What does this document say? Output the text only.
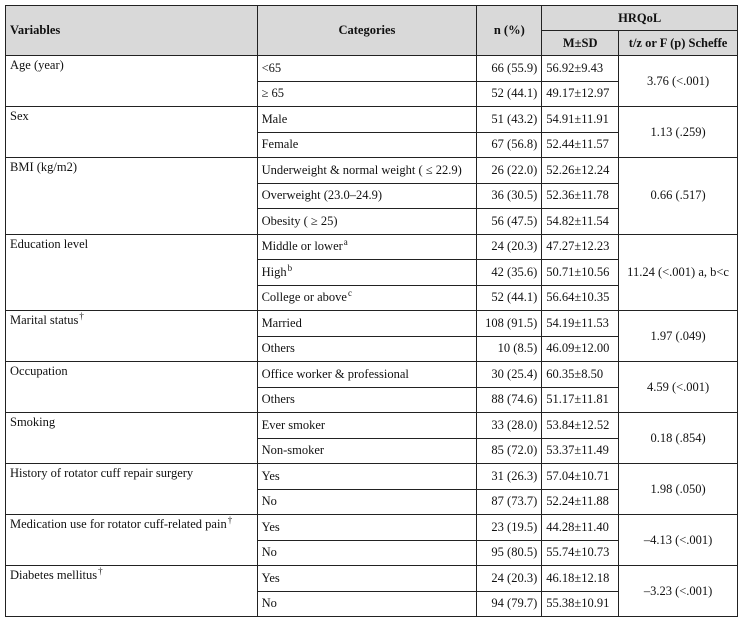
Variables	Categories	n (%)	HRQoL	
			M±SD	t/z or F (p) Scheffe
Age (year)	<65	66 (55.9)	56.92±9.43	3.76 (<.001)
	≥ 65	52 (44.1)	49.17±12.97	
Sex	Male	51 (43.2)	54.91±11.91	1.13 (.259)
	Female	67 (56.8)	52.44±11.57	
BMI (kg/m2)	Underweight & normal weight ( ≤ 22.9)	26 (22.0)	52.26±12.24	0.66 (.517)
	Overweight (23.0–24.9)	36 (30.5)	52.36±11.78	
	Obesity ( ≥ 25)	56 (47.5)	54.82±11.54	
Education level	Middle or lower$^a$	24 (20.3)	47.27±12.23	11.24 (<.001) a, b<c
	High$^b$	42 (35.6)	50.71±10.56	
	College or above$^c$	52 (44.1)	56.64±10.35	
Marital status†	Married	108 (91.5)	54.19±11.53	1.97 (.049)
	Others	10 (8.5)	46.09±12.00	
Occupation	Office worker & professional	30 (25.4)	60.35±8.50	4.59 (<.001)
	Others	88 (74.6)	51.17±11.81	
Smoking	Ever smoker	33 (28.0)	53.84±12.52	0.18 (.854)
	Non-smoker	85 (72.0)	53.37±11.49	
History of rotator cuff repair surgery	Yes	31 (26.3)	57.04±10.71	1.98 (.050)
	No	87 (73.7)	52.24±11.88	
Medication use for rotator cuff-related pain†	Yes	23 (19.5)	44.28±11.40	–4.13 (<.001)
	No	95 (80.5)	55.74±10.73	
Diabetes mellitus†	Yes	24 (20.3)	46.18±12.18	–3.23 (<.001)
	No	94 (79.7)	55.38±10.91	
